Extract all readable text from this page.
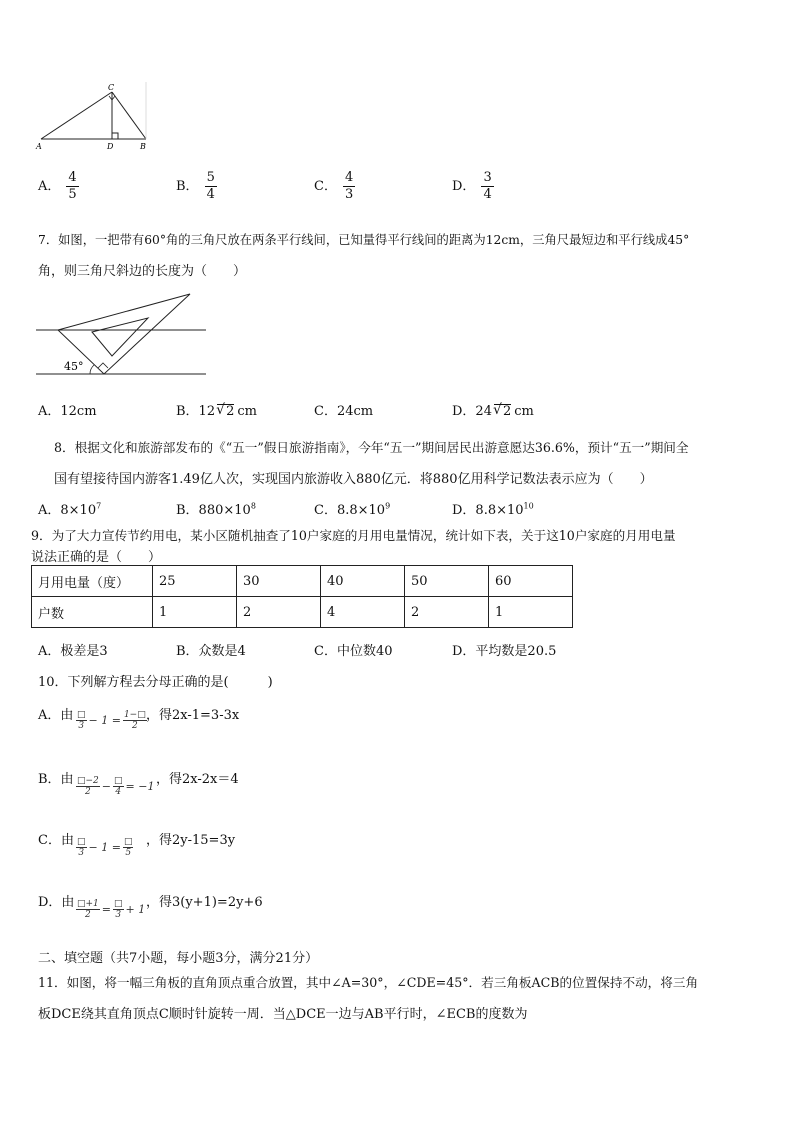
C
A	D	B
A． $\frac{4}{5}$	B． $\frac{5}{4}$	C． $\frac{4}{3}$	D． $\frac{3}{4}$
7．如图，一把带有60°角的三角尺放在两条平行线间，已知量得平行线间的距离为12cm，三角尺最短边和平行线成45°
角，则三角尺斜边的长度为（　　）
45°
A．12cm	B．12 √ 2 cm	C．24cm	D．24 √ 2 cm
8．根据文化和旅游部发布的《“五一”假日旅游指南》，今年“五一”期间居民出游意愿达36.6%，预计“五一”期间全
国有望接待国内游客1.49亿人次，实现国内旅游收入880亿元．将880亿用科学记数法表示应为（　　）
A．$8\times 10^7$	B．$880\times 10^8$	C．$8.8\times 10^9$	D．$8.8\times 10^{10}$
9．为了大力宣传节约用电，某小区随机抽查了10户家庭的月用电量情况，统计如下表，关于这10户家庭的月用电量
说法正确的是（　　）
月用电量（度）	25	30	40	50	60
户数	1	2	4	2	1
A．极差是3	B．众数是4	C．中位数40	D．平均数是20.5
10．下列解方程去分母正确的是(　　　)
A．由 □
$3 - 1 = \frac{1-□}{2}$ ，得2x-1=3-3x
B．由 $\frac{□-2}{2}$ − □
4 = −1 ，得2x-2x＝4
C．由 □
3 − 1 = □
5
，得2y-15=3y
D．由 $\frac{□+1}{2}$ = □
3 + 1 ，得3(y+1)=2y+6
二、填空题（共7小题，每小题3分，满分21分）
11．如图，将一幅三角板的直角顶点重合放置，其中∠A=30°，∠CDE=45°．若三角板ACB的位置保持不动，将三角
板DCE绕其直角顶点C顺时针旋转一周．当△DCE一边与AB平行时，∠ECB的度数为
